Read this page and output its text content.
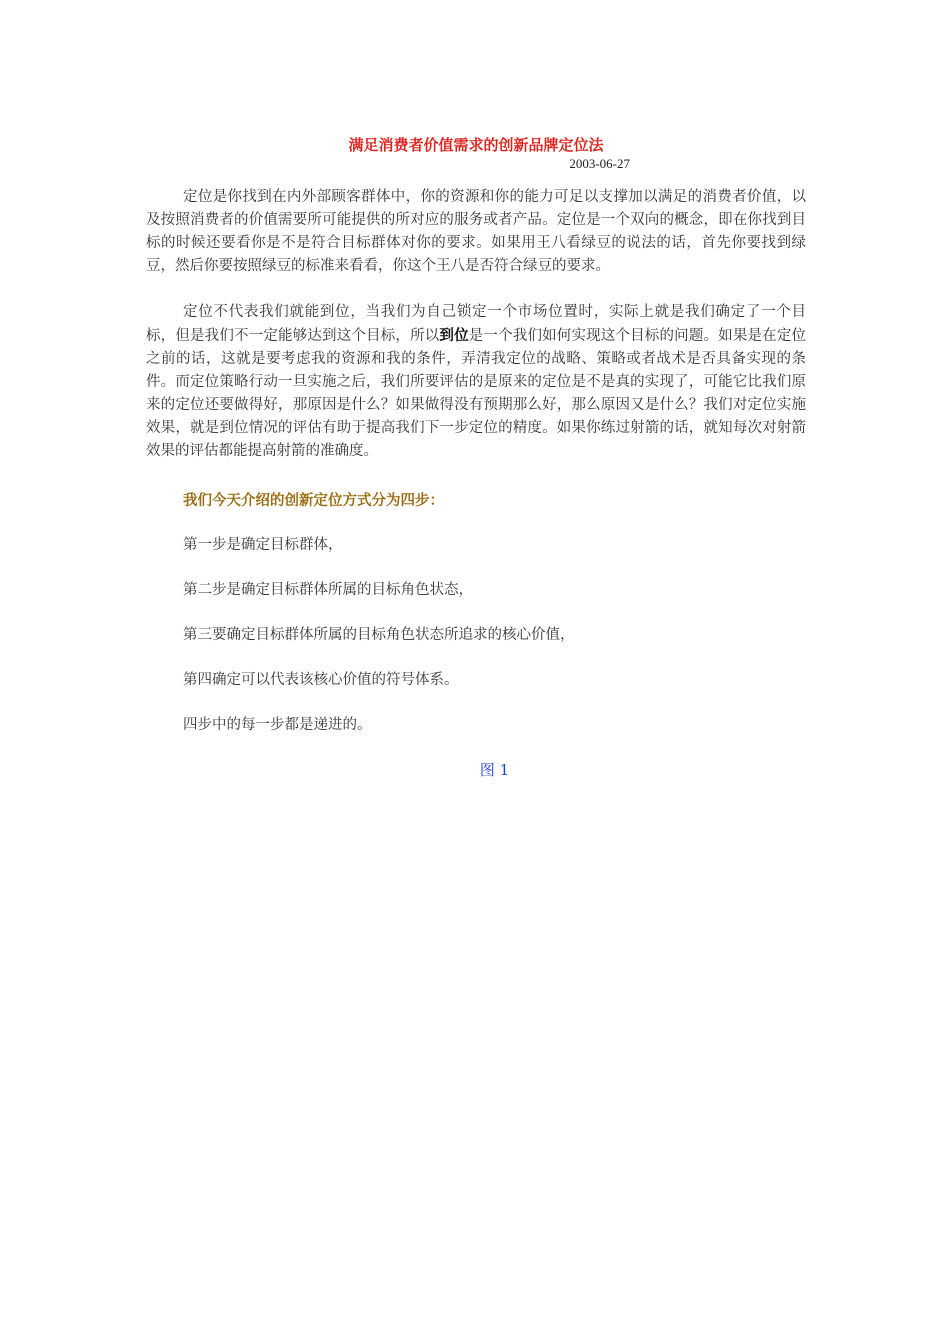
满足消费者价值需求的创新品牌定位法

2003-06-27

定位是你找到在内外部顾客群体中，你的资源和你的能力可足以支撑加以满足的消费者价值，以及按照消费者的价值需要所可能提供的所对应的服务或者产品。定位是一个双向的概念，即在你找到目标的时候还要看你是不是符合目标群体对你的要求。如果用王八看绿豆的说法的话，首先你要找到绿豆，然后你要按照绿豆的标准来看看，你这个王八是否符合绿豆的要求。

定位不代表我们就能到位，当我们为自己锁定一个市场位置时，实际上就是我们确定了一个目标，但是我们不一定能够达到这个目标，所以到位是一个我们如何实现这个目标的问题。如果是在定位之前的话，这就是要考虑我的资源和我的条件，弄清我定位的战略、策略或者战术是否具备实现的条件。而定位策略行动一旦实施之后，我们所要评估的是原来的定位是不是真的实现了，可能它比我们原来的定位还要做得好，那原因是什么？如果做得没有预期那么好，那么原因又是什么？我们对定位实施效果，就是到位情况的评估有助于提高我们下一步定位的精度。如果你练过射箭的话，就知每次对射箭效果的评估都能提高射箭的准确度。

我们今天介绍的创新定位方式分为四步：

第一步是确定目标群体，

第二步是确定目标群体所属的目标角色状态，

第三要确定目标群体所属的目标角色状态所追求的核心价值，

第四确定可以代表该核心价值的符号体系。

四步中的每一步都是递进的。

图 1
